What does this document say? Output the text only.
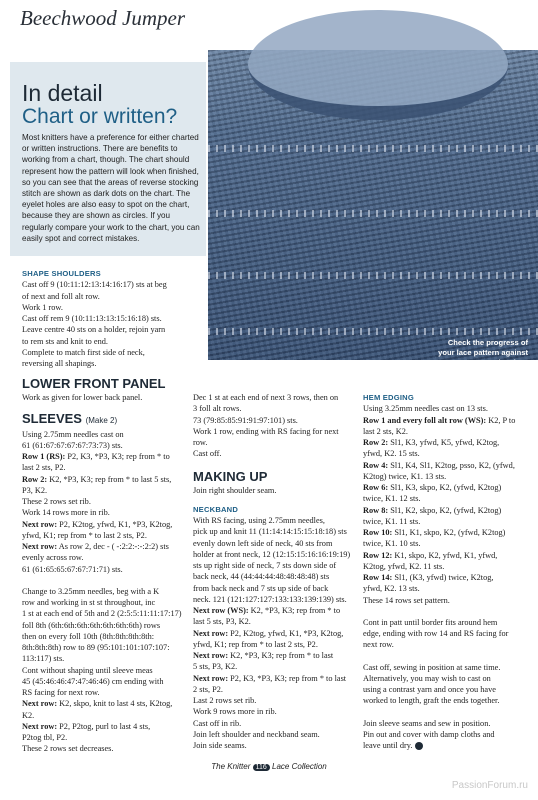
Beechwood Jumper
In detail
Chart or written?
Most knitters have a preference for either charted or written instructions. There are benefits to working from a chart, though. The chart should represent how the pattern will look when finished, so you can see that the areas of reverse stocking stitch are shown as dark dots on the chart. The eyelet holes are also easy to spot on the chart, because they are shown as circles. If you regularly compare your work to the chart, you can easily spot and correct mistakes.
Check the progress of your lace pattern against the chart

SHAPE SHOULDERS

Cast off 9 (10:11:12:13:14:16:17) sts at beg

of next and foll alt row.

Work 1 row.

Cast off rem 9 (10:11:13:13:15:16:18) sts.

Leave centre 40 sts on a holder, rejoin yarn

to rem sts and knit to end.

Complete to match first side of neck,

reversing all shapings.

LOWER FRONT PANEL

Work as given for lower back panel.

SLEEVES (Make 2)

Using 2.75mm needles cast on

61 (61:67:67:67:67:73:73) sts.

Row 1 (RS): P2, K3, *P3, K3; rep from * to

last 2 sts, P2.

Row 2: K2, *P3, K3; rep from * to last 5 sts,

P3, K2.

These 2 rows set rib.

Work 14 rows more in rib.

Next row: P2, K2tog, yfwd, K1, *P3, K2tog,

yfwd, K1; rep from * to last 2 sts, P2.

Next row: As row 2, dec - ( -:2:2:-:-:2:2) sts

evenly across row.

61 (61:65:65:67:67:71:71) sts.

Change to 3.25mm needles, beg with a K

row and working in st st throughout, inc

1 st at each end of 5th and 2 (2:5:5:11:11:17:17)

foll 8th (6th:6th:6th:6th:6th:6th:6th) rows

then on every foll 10th (8th:8th:8th:8th:

8th:8th:8th) row to 89 (95:101:101:107:107:

113:117) sts.

Cont without shaping until sleeve meas

45 (45:46:46:47:47:46:46) cm ending with

RS facing for next row.

Next row: K2, skpo, knit to last 4 sts, K2tog,

K2.

Next row: P2, P2tog, purl to last 4 sts,

P2tog tbl, P2.

These 2 rows set decreases.

Dec 1 st at each end of next 3 rows, then on

3 foll alt rows.

73 (79:85:85:91:91:97:101) sts.

Work 1 row, ending with RS facing for next

row.

Cast off.

MAKING UP

Join right shoulder seam.

NECKBAND

With RS facing, using 2.75mm needles,

pick up and knit 11 (11:14:14:15:15:18:18) sts

evenly down left side of neck, 40 sts from

holder at front neck, 12 (12:15:15:16:16:19:19)

sts up right side of neck, 7 sts down side of

back neck, 44 (44:44:44:48:48:48:48) sts

from back neck and 7 sts up side of back

neck. 121 (121:127:127:133:133:139:139) sts.

Next row (WS): K2, *P3, K3; rep from * to

last 5 sts, P3, K2.

Next row: P2, K2tog, yfwd, K1, *P3, K2tog,

yfwd, K1; rep from * to last 2 sts, P2.

Next row: K2, *P3, K3; rep from * to last

5 sts, P3, K2.

Next row: P2, K3, *P3, K3; rep from * to last

2 sts, P2.

Last 2 rows set rib.

Work 9 rows more in rib.

Cast off in rib.

Join left shoulder and neckband seam.

Join side seams.

HEM EDGING

Using 3.25mm needles cast on 13 sts.

Row 1 and every foll alt row (WS): K2, P to

last 2 sts, K2.

Row 2: Sl1, K3, yfwd, K5, yfwd, K2tog,

yfwd, K2. 15 sts.

Row 4: Sl1, K4, Sl1, K2tog, psso, K2, (yfwd,

K2tog) twice, K1. 13 sts.

Row 6: Sl1, K3, skpo, K2, (yfwd, K2tog)

twice, K1. 12 sts.

Row 8: Sl1, K2, skpo, K2, (yfwd, K2tog)

twice, K1. 11 sts.

Row 10: Sl1, K1, skpo, K2, (yfwd, K2tog)

twice, K1. 10 sts.

Row 12: K1, skpo, K2, yfwd, K1, yfwd,

K2tog, yfwd, K2. 11 sts.

Row 14: Sl1, (K3, yfwd) twice, K2tog,

yfwd, K2. 13 sts.

These 14 rows set pattern.

Cont in patt until border fits around hem

edge, ending with row 14 and RS facing for

next row.

Cast off, sewing in position at same time.

Alternatively, you may wish to cast on

using a contrast yarn and once you have

worked to length, graft the ends together.

Join sleeve seams and sew in position.

Pin out and cover with damp cloths and

leave until dry.

The Knitter 116 Lace Collection
PassionForum.ru
